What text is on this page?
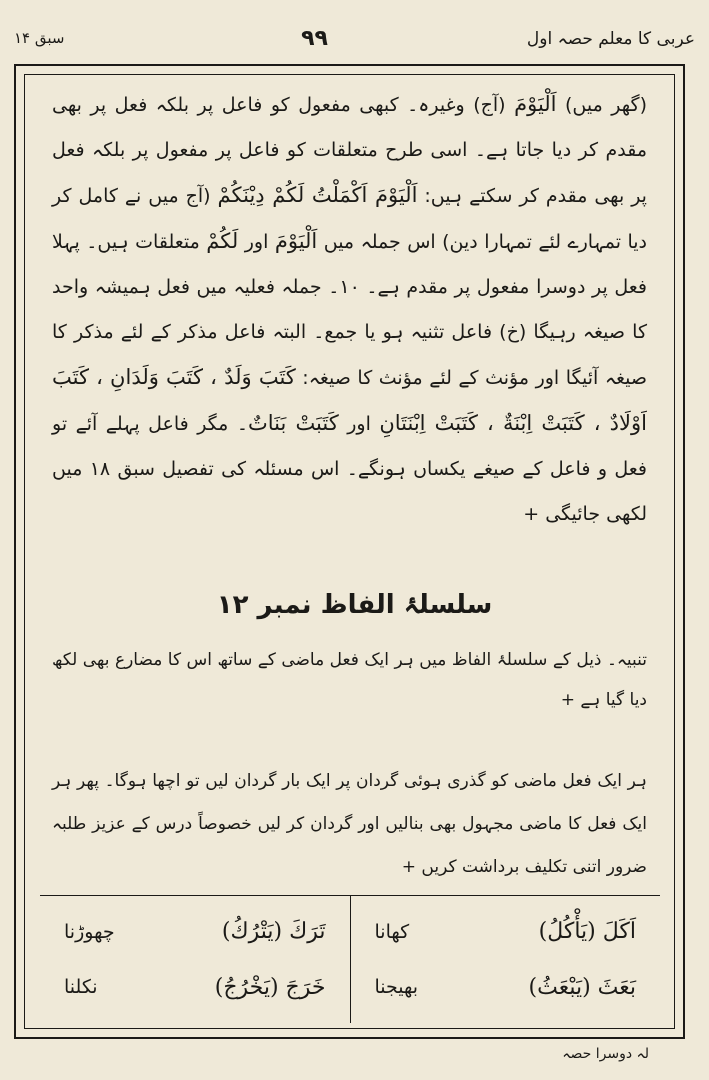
سبق ۱۴	۹۹	عربی کا معلم حصہ اول

(گھر میں) اَلْيَوْمَ (آج) وغیرہ۔ کبھی مفعول کو فاعل پر بلکہ فعل پر بھی مقدم کر دیا جاتا ہے۔ اسی طرح متعلقات کو فاعل پر مفعول پر بلکہ فعل پر بھی مقدم کر سکتے ہیں: اَلْيَوْمَ اَكْمَلْتُ لَكُمْ دِيْنَكُمْ (آج میں نے کامل کر دیا تمہارے لئے تمہارا دین) اس جملہ میں اَلْيَوْمَ اور لَكُمْ متعلقات ہیں۔ پہلا فعل پر دوسرا مفعول پر مقدم ہے۔ ۱۰۔ جملہ فعلیہ میں فعل ہمیشہ واحد کا صیغہ رہیگا (خ) فاعل تثنیہ ہو یا جمع۔ البتہ فاعل مذکر کے لئے مذکر کا صیغہ آئیگا اور مؤنث کے لئے مؤنث کا صیغہ: كَتَبَ وَلَدٌ ، كَتَبَ وَلَدَانِ ، كَتَبَ اَوْلَادٌ ، كَتَبَتْ اِبْنَةٌ ، كَتَبَتْ اِبْنَتَانِ اور كَتَبَتْ بَنَاتٌ۔ مگر فاعل پہلے آئے تو فعل و فاعل کے صیغے یکساں ہونگے۔ اس مسئلہ کی تفصیل سبق ۱۸ میں لکھی جائیگی +

سلسلۂ الفاظ نمبر ۱۲

تنبیہ۔ ذیل کے سلسلۂ الفاظ میں ہر ایک فعل ماضی کے ساتھ اس کا مضارع بھی لکھ دیا گیا ہے +

ہر ایک فعل ماضی کو گذری ہوئی گردان پر ایک بار گردان لیں تو اچھا ہوگا۔ پھر ہر ایک فعل کا ماضی مجہول بھی بنالیں اور گردان کر لیں خصوصاً درس کے عزیز طلبہ ضرور اتنی تکلیف برداشت کریں +

اَكَلَ (يَأْكُلُ)
کھانا
بَعَثَ (يَبْعَثُ)
بھیجنا
تَرَكَ (يَتْرُكُ)
چھوڑنا
خَرَجَ (يَخْرُجُ)
نکلنا
لہ دوسرا حصہ
